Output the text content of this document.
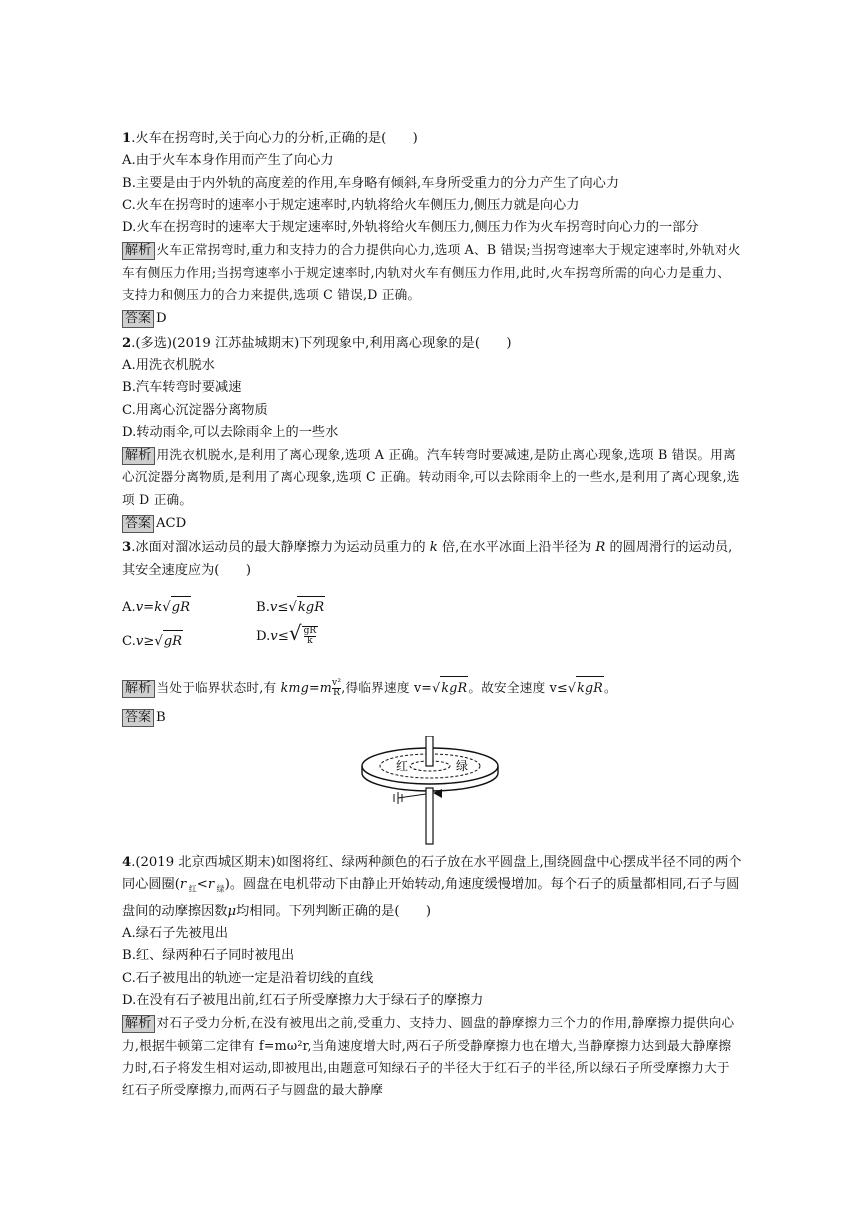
1.火车在拐弯时,关于向心力的分析,正确的是(　　)
A.由于火车本身作用而产生了向心力
B.主要是由于内外轨的高度差的作用,车身略有倾斜,车身所受重力的分力产生了向心力
C.火车在拐弯时的速率小于规定速率时,内轨将给火车侧压力,侧压力就是向心力
D.火车在拐弯时的速率大于规定速率时,外轨将给火车侧压力,侧压力作为火车拐弯时向心力的一部分
解析 火车正常拐弯时,重力和支持力的合力提供向心力,选项 A、B 错误;当拐弯速率大于规定速率时,外轨对火车有侧压力作用;当拐弯速率小于规定速率时,内轨对火车有侧压力作用,此时,火车拐弯所需的向心力是重力、支持力和侧压力的合力来提供,选项 C 错误,D 正确。
答案 D
2.(多选)(2019 江苏盐城期末)下列现象中,利用离心现象的是(　　)
A.用洗衣机脱水
B.汽车转弯时要减速
C.用离心沉淀器分离物质
D.转动雨伞,可以去除雨伞上的一些水
解析 用洗衣机脱水,是利用了离心现象,选项 A 正确。汽车转弯时要减速,是防止离心现象,选项 B 错误。用离心沉淀器分离物质,是利用了离心现象,选项 C 正确。转动雨伞,可以去除雨伞上的一些水,是利用了离心现象,选项 D 正确。
答案 ACD
3.冰面对溜冰运动员的最大静摩擦力为运动员重力的 k 倍,在水平冰面上沿半径为 R 的圆周滑行的运动员,其安全速度应为(　　)
A.v=k√gR	B.v≤√kgR
C.v≥√gR	$D.v\le√ \frac{gR}{k}$
解析 当处于临界状态时,有 $kmg=m \frac{\text{v²}}{R}$ ,得临界速度 v=√kgR。故安全速度 v≤√kgR。
答案 B
红	绿
4.(2019 北京西城区期末)如图将红、绿两种颜色的石子放在水平圆盘上,围绕圆盘中心摆成半径不同的两个同心圆圈(r $_红$<r $_绿$)。圆盘在电机带动下由静止开始转动,角速度缓慢增加。每个石子的质量都相同,石子与圆盘间的动摩擦因数μ均相同。下列判断正确的是(　　)
A.绿石子先被甩出
B.红、绿两种石子同时被甩出
C.石子被甩出的轨迹一定是沿着切线的直线
D.在没有石子被甩出前,红石子所受摩擦力大于绿石子的摩擦力
解析 对石子受力分析,在没有被甩出之前,受重力、支持力、圆盘的静摩擦力三个力的作用,静摩擦力提供向心力,根据牛顿第二定律有 f=mω²r,当角速度增大时,两石子所受静摩擦力也在增大,当静摩擦力达到最大静摩擦力时,石子将发生相对运动,即被甩出,由题意可知绿石子的半径大于红石子的半径,所以绿石子所受摩擦力大于红石子所受摩擦力,而两石子与圆盘的最大静摩
